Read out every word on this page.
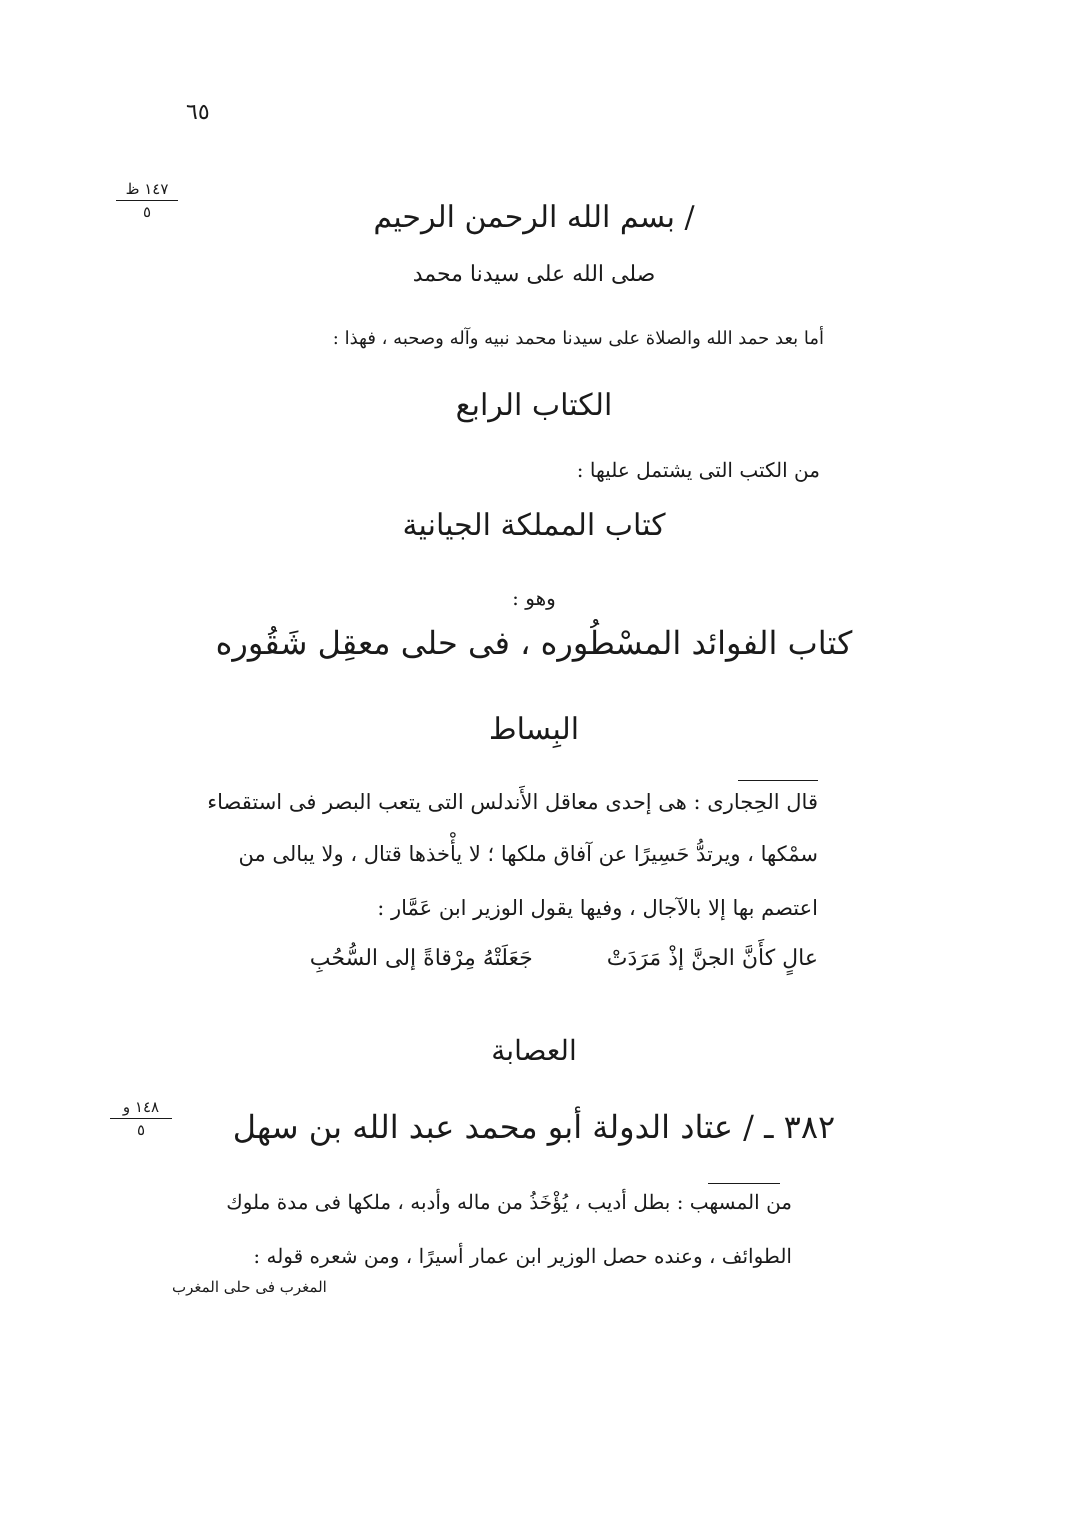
٦٥
١٤٧ ظ
٥	/ بسم الله الرحمن الرحيم
صلى الله على سيدنا محمد
أما بعد حمد الله والصلاة على سيدنا محمد نبيه وآله وصحبه ، فهذا :
الكتاب الرابع
من الكتب التى يشتمل عليها :
كتاب المملكة الجيانية
وهو :
كتاب الفوائد المسْطُوره ، فى حلى معقِل شَقُوره
البِساط
قال الحِجارى : هى إحدى معاقل الأَندلس التى يتعب البصر فى استقصاء
سمْكها ، ويرتدُّ حَسِيرًا عن آفاق ملكها ؛ لا يأْخذها قتال ، ولا يبالى من
اعتصم بها إلا بالآجال ، وفيها يقول الوزير ابن عَمَّار :
عالٍ كأَنَّ الجنَّ إذْ مَرَدَتْ  جَعَلَتْهُ مِرْقاةً إلى السُّحُبِ
العصابة
١٤٨ و
٥	٣٨٢ ـ / عتاد الدولة أبو محمد عبد الله بن سهل
من المسهب : بطل أديب ، يُؤْخَذُ من ماله وأدبه ، ملكها فى مدة ملوك
الطوائف ، وعنده حصل الوزير ابن عمار أسيرًا ، ومن شعره قوله :
المغرب فى حلى المغرب
